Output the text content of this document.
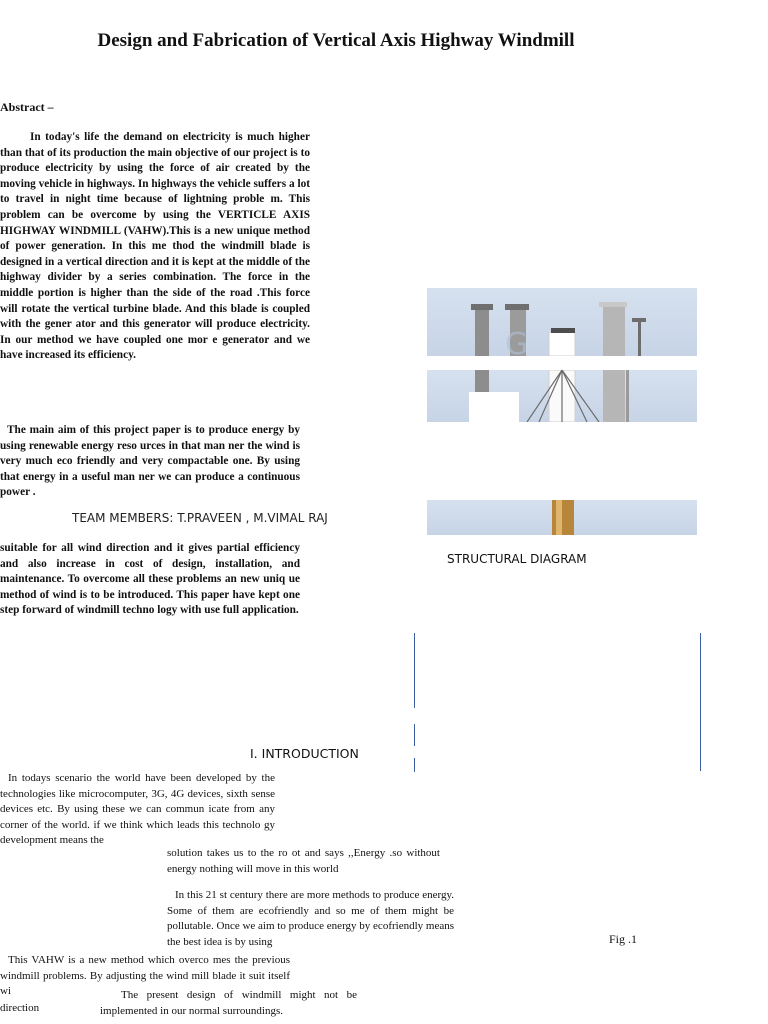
Design and Fabrication of Vertical Axis Highway Windmill
Abstract –
In today's life the demand on electricity is much higher than that of its production the main objective of our project is to produce electricity by using the force of air created by the moving vehicle in highways. In highways the vehicle suffers a lot to travel in night time because of lightning proble m. This problem can be overcome by using the VERTICLE AXIS HIGHWAY WINDMILL (VAHW).This is a new unique method of power generation. In this me thod the windmill blade is designed in a vertical direction and it is kept at the middle of the highway divider by a series combination. The force in the middle portion is higher than the side of the road .This force will rotate the vertical turbine blade. And this blade is coupled with the gener ator and this generator will produce electricity. In our method we have coupled one mor e generator and we have increased its efficiency.
The main aim of this project paper is to produce energy by using renewable energy reso urces in that man ner the wind is very much eco friendly and very compactable one. By using that energy in a useful man ner we can produce a continuous power .
TEAM MEMBERS: T.PRAVEEN , M.VIMAL RAJ
suitable for all wind direction and it gives partial efficiency and also increase in cost of design, installation, and maintenance. To overcome all these problems an new uniq ue method of wind is to be introduced. This paper have kept one step forward of windmill techno logy with use full application.
G
STRUCTURAL DIAGRAM
I. INTRODUCTION
In todays scenario the world have been developed by the technologies like microcomputer, 3G, 4G devices, sixth sense devices etc. By using these we can commun icate from any corner of the world. if we think which leads this technolo gy development means the
solution takes us to the ro ot and says ,,Energy .so without energy nothing will move in this world
In this 21 st century there are more methods to produce energy. Some of them are ecofriendly and so me of them might be pollutable. Once we aim to produce energy by ecofriendly means the best idea is by using
This VAHW is a new method which overco mes the previous windmill problems. By adjusting the wind mill blade it suit itself wi
direction
The present design of windmill might not be implemented in our normal surroundings.
Fig .1
